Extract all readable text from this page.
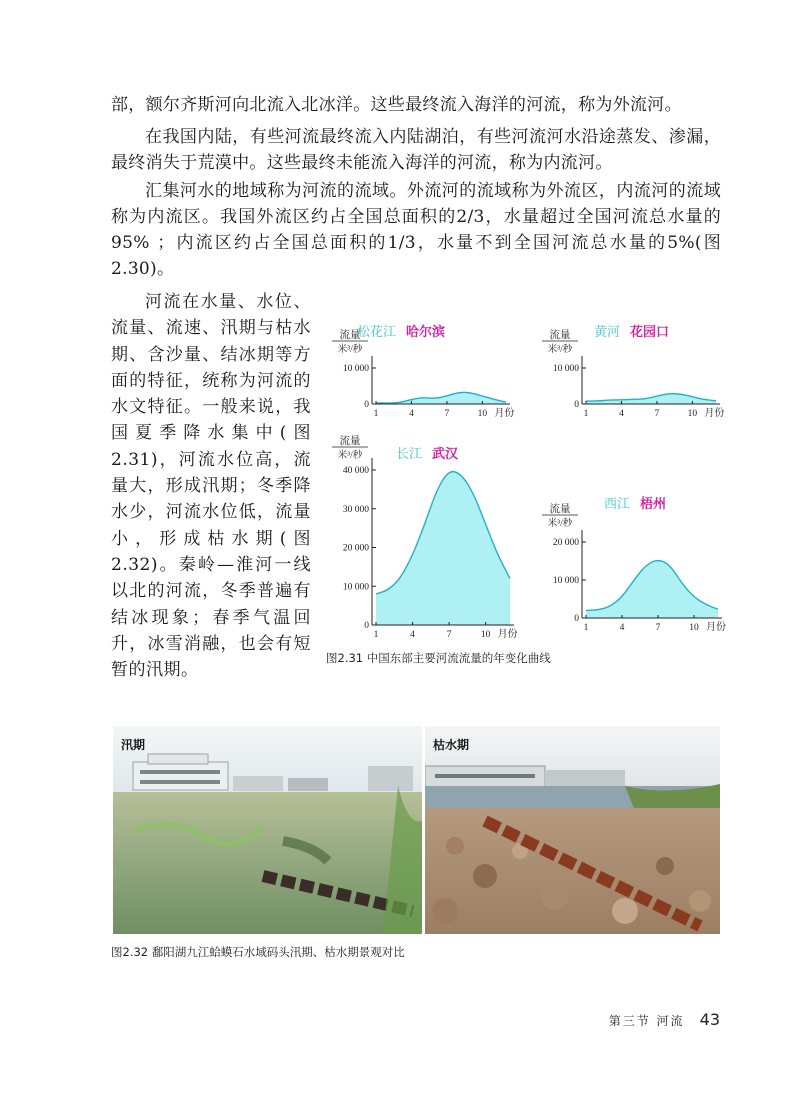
部，额尔齐斯河向北流入北冰洋。这些最终流入海洋的河流，称为外流河。

在我国内陆，有些河流最终流入内陆湖泊，有些河流河水沿途蒸发、渗漏，最终消失于荒漠中。这些最终未能流入海洋的河流，称为内流河。

汇集河水的地域称为河流的流域。外流河的流域称为外流区，内流河的流域称为内流区。我国外流区约占全国总面积的2/3，水量超过全国河流总水量的95% ；内流区约占全国总面积的1/3，水量不到全国河流总水量的5%(图2.30)。

河流在水量、水位、流量、流速、汛期与枯水期、含沙量、结冰期等方面的特征，统称为河流的水文特征。一般来说，我国夏季降水集中(图2.31)，河流水位高，流量大，形成汛期；冬季降水少，河流水位低，流量小，形成枯水期(图2.32)。秦岭—淮河一线以北的河流，冬季普遍有结冰现象；春季气温回升，冰雪消融，也会有短暂的汛期。

0
10 000
1	4	7	10 月份
流量
米³/秒
松花江 哈尔滨
0
10 000
1	4	7	10 月份
流量
米³/秒
黄河 花园口
0
10 000
20 000
30 000
40 000
1	4	7	10 月份
流量
米³/秒	长江 武汉
0
10 000
20 000
1	4	7	10 月份
流量
米³/秒
西江 梧州
图2.31 中国东部主要河流流量的年变化曲线
汛期	枯水期
图2.32 鄱阳湖九江蛤蟆石水域码头汛期、枯水期景观对比
第三节 河流 43
